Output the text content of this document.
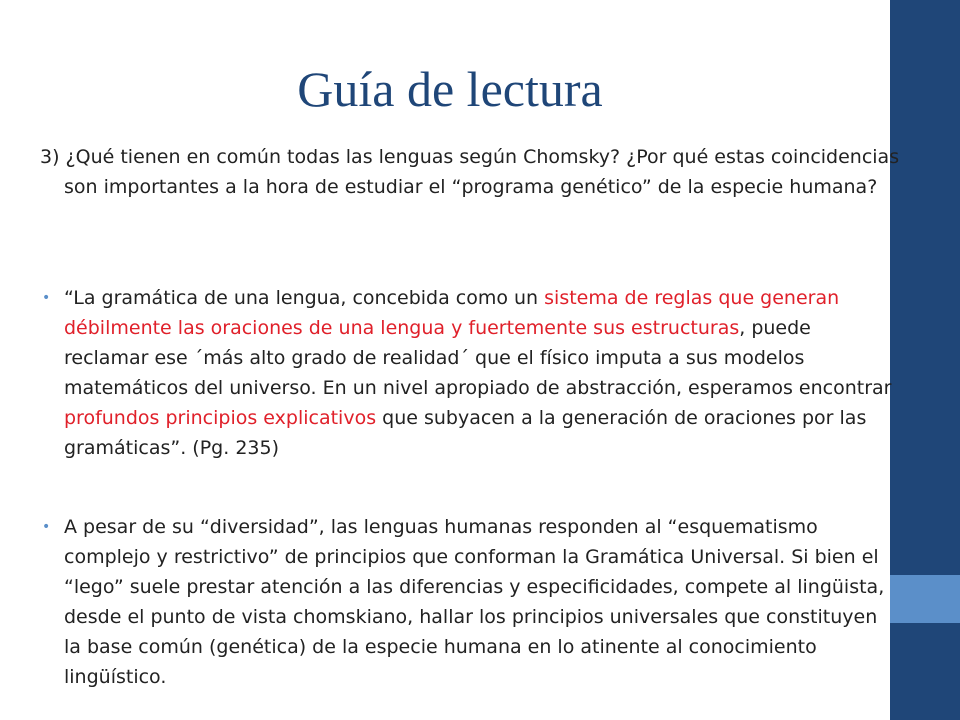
Guía de lectura

3) ¿Qué tienen en común todas las lenguas según Chomsky? ¿Por qué estas coincidencias son importantes a la hora de estudiar el “programa genético” de la especie humana?

• “La gramática de una lengua, concebida como un sistema de reglas que generan débilmente las oraciones de una lengua y fuertemente sus estructuras, puede reclamar ese ´más alto grado de realidad´ que el físico imputa a sus modelos matemáticos del universo. En un nivel apropiado de abstracción, esperamos encontrar profundos principios explicativos que subyacen a la generación de oraciones por las gramáticas”. (Pg. 235)
• A pesar de su “diversidad”, las lenguas humanas responden al “esquematismo complejo y restrictivo” de principios que conforman la Gramática Universal. Si bien el “lego” suele prestar atención a las diferencias y especificidades, compete al lingüista, desde el punto de vista chomskiano, hallar los principios universales que constituyen la base común (genética) de la especie humana en lo atinente al conocimiento lingüístico.
